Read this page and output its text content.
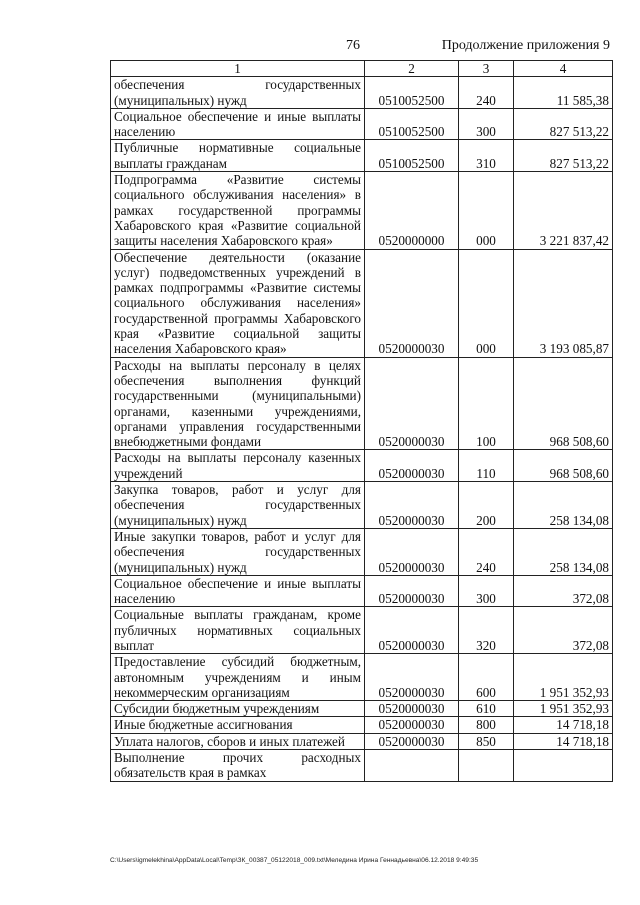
76	Продолжение приложения 9
1	2	3	4
обеспечения государственных (муниципальных) нужд	0510052500	240	11 585,38
Социальное обеспечение и иные выплаты населению	0510052500	300	827 513,22
Публичные нормативные социальные выплаты гражданам	0510052500	310	827 513,22
Подпрограмма «Развитие системы социального обслуживания населения» в рамках государственной программы Хабаровского края «Развитие социальной защиты населения Хабаровского края»	0520000000	000	3 221 837,42
Обеспечение деятельности (оказание услуг) подведомственных учреждений в рамках подпрограммы «Развитие системы социального обслуживания населения» государственной программы Хабаровского края «Развитие социальной защиты населения Хабаровского края»	0520000030	000	3 193 085,87
Расходы на выплаты персоналу в целях обеспечения выполнения функций государственными (муниципальными) органами, казенными учреждениями, органами управления государственными внебюджетными фондами	0520000030	100	968 508,60
Расходы на выплаты персоналу казенных учреждений	0520000030	110	968 508,60
Закупка товаров, работ и услуг для обеспечения государственных (муниципальных) нужд	0520000030	200	258 134,08
Иные закупки товаров, работ и услуг для обеспечения государственных (муниципальных) нужд	0520000030	240	258 134,08
Социальное обеспечение и иные выплаты населению	0520000030	300	372,08
Социальные выплаты гражданам, кроме публичных нормативных социальных выплат	0520000030	320	372,08
Предоставление субсидий бюджетным, автономным учреждениям и иным некоммерческим организациям	0520000030	600	1 951 352,93
Субсидии бюджетным учреждениям	0520000030	610	1 951 352,93
Иные бюджетные ассигнования	0520000030	800	14 718,18
Уплата налогов, сборов и иных платежей	0520000030	850	14 718,18
Выполнение прочих расходных обязательств края в рамках			
C:\Users\igmelekhina\AppData\Local\Temp\ЗК_00387_05122018_009.txt\Меледина Ирина Геннадьевна\06.12.2018 9:49:35
